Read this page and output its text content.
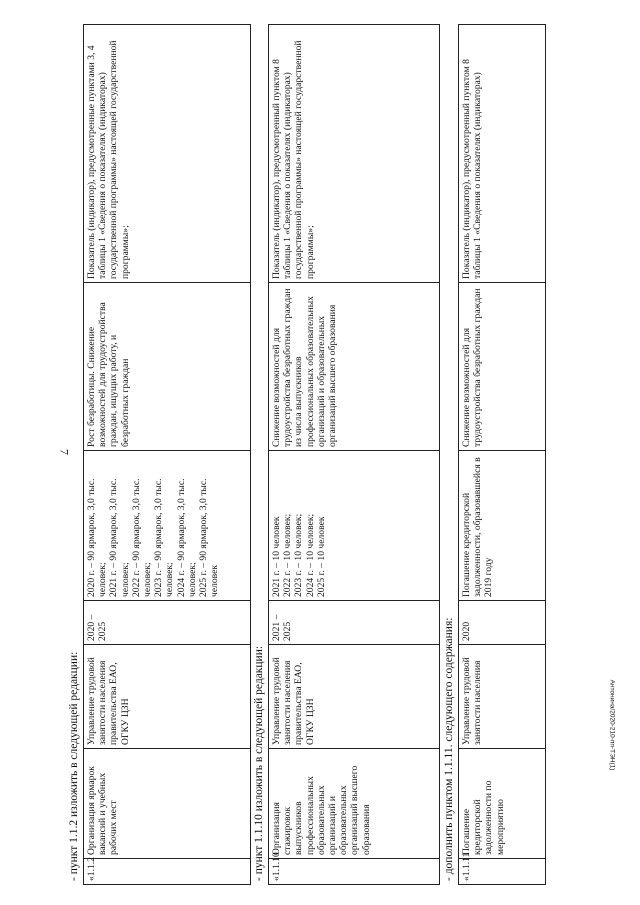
7
Антонина/2020-210-пп-ТЭН(1)
- пункт 1.1.2 изложить в следующей редакции: «1.1.2	Организация ярмарок вакансий и учебных рабочих мест	Управление трудовой занятости населения правительства ЕАО, ОГКУ ЦЗН	2020 – 2025	2020 г. – 90 ярмарок, 3,0 тыс. человек;
2021 г. – 90 ярмарок, 3,0 тыс. человек;
2022 г. – 90 ярмарок, 3,0 тыс. человек;
2023 г. – 90 ярмарок, 3,0 тыс. человек;
2024 г. – 90 ярмарок, 3,0 тыс. человек;
2025 г. – 90 ярмарок, 3,0 тыс. человек	Рост безработицы. Снижение возможностей для трудоустройства граждан, ищущих работу, и безработных граждан	Показатель (индикатор), предусмотренные пунктами 3, 4 таблицы 1 «Сведения о показателях (индикаторах) государственной программы» настоящей государственной программы»;
- пункт 1.1.10 изложить в следующей редакции: «1.1.10	Организация стажировок выпускников профессиональных образовательных организаций и образовательных организаций высшего образования	Управление трудовой занятости населения правительства ЕАО, ОГКУ ЦЗН	2021 – 2025	2021 г. – 10 человек
2022 г. – 10 человек;
2023 г. – 10 человек;
2024 г. – 10 человек;
2025 г. – 10 человек	Снижение возможностей для трудоустройства безработных граждан из числа выпускников профессиональных образовательных организаций и образовательных организаций высшего образования	Показатель (индикатор), предусмотренный пунктом 8 таблицы 1 «Сведения о показателях (индикаторах) государственной программы» настоящей государственной программы»;
- дополнить пунктом 1.1.11. следующего содержания: «1.1.11	Погашение кредиторской задолженности по мероприятию	Управление трудовой занятости населения	2020	Погашение кредиторской задолженности, образовавшейся в 2019 году	Снижение возможностей для трудоустройства безработных граждан	Показатель (индикатор), предусмотренный пунктом 8 таблицы 1 «Сведения о показателях (индикаторах)
